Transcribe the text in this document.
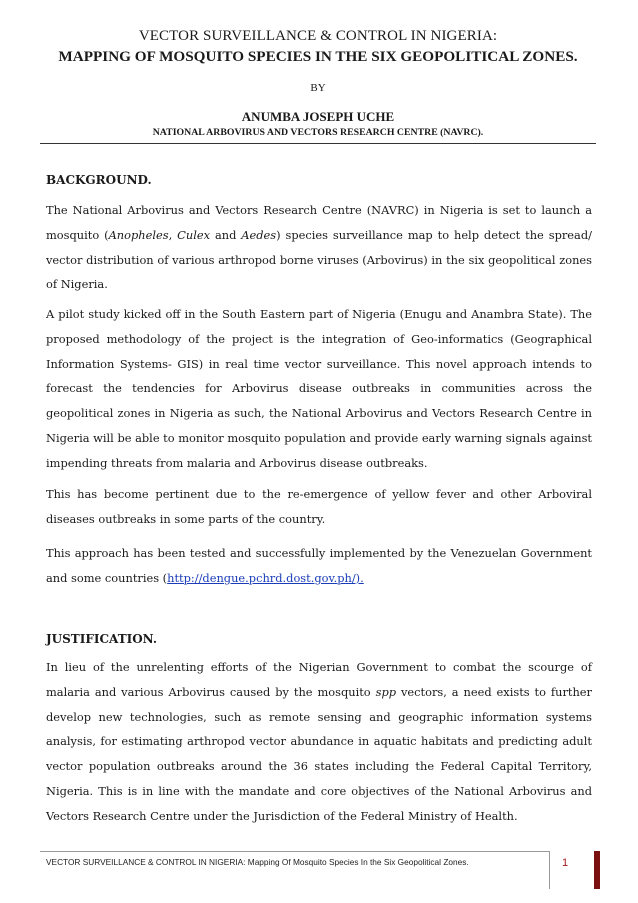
VECTOR SURVEILLANCE & CONTROL IN NIGERIA:
MAPPING OF MOSQUITO SPECIES IN THE SIX GEOPOLITICAL ZONES.
BY
ANUMBA JOSEPH UCHE
NATIONAL ARBOVIRUS AND VECTORS RESEARCH CENTRE (NAVRC).
BACKGROUND.

The National Arbovirus and Vectors Research Centre (NAVRC) in Nigeria is set to launch a mosquito (Anopheles, Culex and Aedes) species surveillance map to help detect the spread/ vector distribution of various arthropod borne viruses (Arbovirus) in the six geopolitical zones of Nigeria.

A pilot study kicked off in the South Eastern part of Nigeria (Enugu and Anambra State). The proposed methodology of the project is the integration of Geo-informatics (Geographical Information Systems- GIS) in real time vector surveillance. This novel approach intends to forecast the tendencies for Arbovirus disease outbreaks in communities across the geopolitical zones in Nigeria as such, the National Arbovirus and Vectors Research Centre in Nigeria will be able to monitor mosquito population and provide early warning signals against impending threats from malaria and Arbovirus disease outbreaks.

This has become pertinent due to the re-emergence of yellow fever and other Arboviral diseases outbreaks in some parts of the country.

This approach has been tested and successfully implemented by the Venezuelan Government and some countries (http://dengue.pchrd.dost.gov.ph/).

JUSTIFICATION.

In lieu of the unrelenting efforts of the Nigerian Government to combat the scourge of malaria and various Arbovirus caused by the mosquito spp vectors, a need exists to further develop new technologies, such as remote sensing and geographic information systems analysis, for estimating arthropod vector abundance in aquatic habitats and predicting adult vector population outbreaks around the 36 states including the Federal Capital Territory, Nigeria. This is in line with the mandate and core objectives of the National Arbovirus and Vectors Research Centre under the Jurisdiction of the Federal Ministry of Health.

VECTOR SURVEILLANCE & CONTROL IN NIGERIA: Mapping Of Mosquito Species In the Six Geopolitical Zones.	1
